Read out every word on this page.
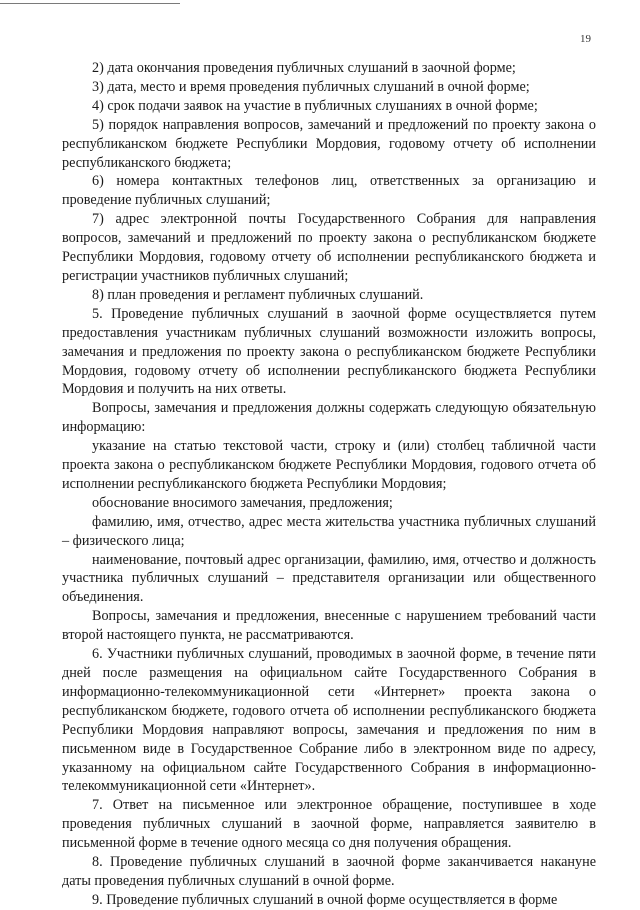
19

2) дата окончания проведения публичных слушаний в заочной форме;

3) дата, место и время проведения публичных слушаний в очной форме;

4) срок подачи заявок на участие в публичных слушаниях в очной форме;

5) порядок направления вопросов, замечаний и предложений по проекту закона о республиканском бюджете Республики Мордовия, годовому отчету об исполнении республиканского бюджета;

6) номера контактных телефонов лиц, ответственных за организацию и проведение публичных слушаний;

7) адрес электронной почты Государственного Собрания для направления вопросов, замечаний и предложений по проекту закона о республиканском бюджете Республики Мордовия, годовому отчету об исполнении республиканского бюджета и регистрации участников публичных слушаний;

8) план проведения и регламент публичных слушаний.

5. Проведение публичных слушаний в заочной форме осуществляется путем предоставления участникам публичных слушаний возможности изложить вопросы, замечания и предложения по проекту закона о республиканском бюджете Республики Мордовия, годовому отчету об исполнении республиканского бюджета Республики Мордовия и получить на них ответы.

Вопросы, замечания и предложения должны содержать следующую обязательную информацию:

указание на статью текстовой части, строку и (или) столбец табличной части проекта закона о республиканском бюджете Республики Мордовия, годового отчета об исполнении республиканского бюджета Республики Мордовия;

обоснование вносимого замечания, предложения;

фамилию, имя, отчество, адрес места жительства участника публичных слушаний – физического лица;

наименование, почтовый адрес организации, фамилию, имя, отчество и должность участника публичных слушаний – представителя организации или общественного объединения.

Вопросы, замечания и предложения, внесенные с нарушением требований части второй настоящего пункта, не рассматриваются.

6. Участники публичных слушаний, проводимых в заочной форме, в течение пяти дней после размещения на официальном сайте Государственного Собрания в информационно-телекоммуникационной сети «Интернет» проекта закона о республиканском бюджете, годового отчета об исполнении республиканского бюджета Республики Мордовия направляют вопросы, замечания и предложения по ним в письменном виде в Государственное Собрание либо в электронном виде по адресу, указанному на официальном сайте Государственного Собрания в информационно-телекоммуникационной сети «Интернет».

7. Ответ на письменное или электронное обращение, поступившее в ходе проведения публичных слушаний в заочной форме, направляется заявителю в письменной форме в течение одного месяца со дня получения обращения.

8. Проведение публичных слушаний в заочной форме заканчивается накануне даты проведения публичных слушаний в очной форме.

9. Проведение публичных слушаний в очной форме осуществляется в форме
